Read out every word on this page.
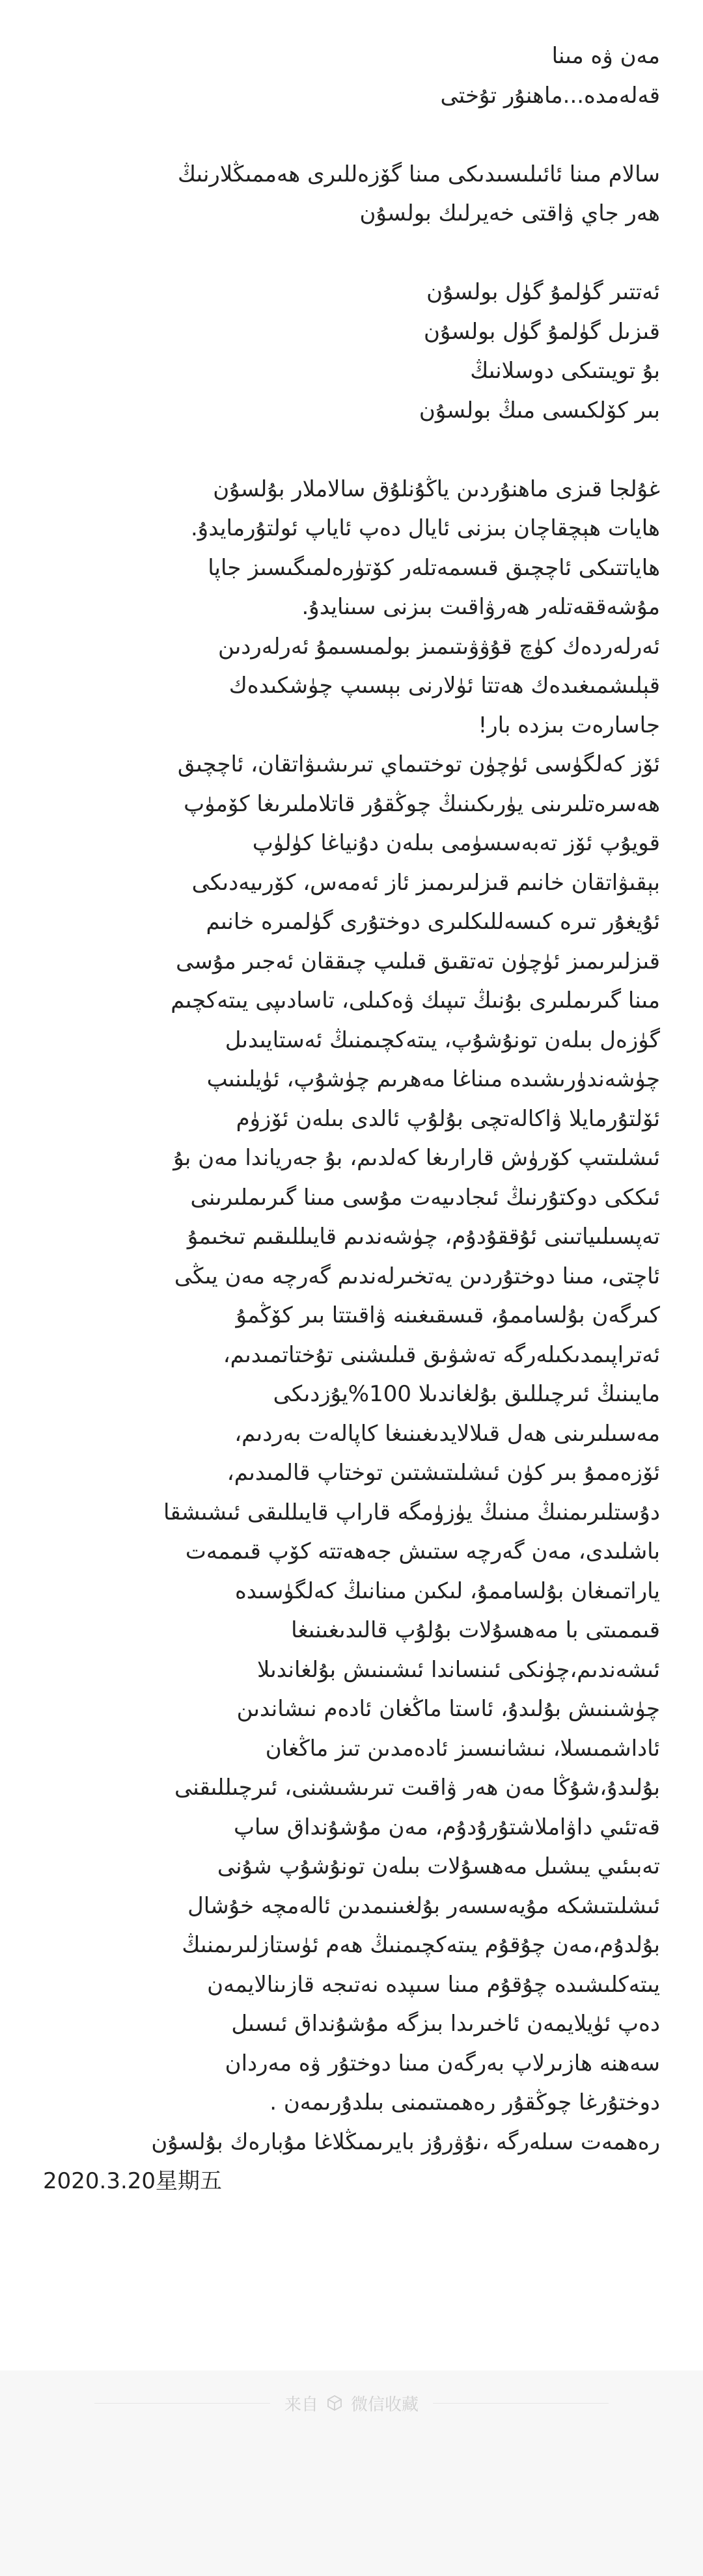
مەن ۋە مىنا
قەلەمدە...ماھنۇر تۇختى
سالام مىنا ئائىلىسىدىكى مىنا گۆزەللىرى ھەممىڭلارنىڭ
ھەر جاي ۋاقتى خەيرلىك بولسۇن
ئەتتىر گۈلمۇ گۈل بولسۇن
قىزىل گۈلمۇ گۈل بولسۇن
بۇ تويىتىكى دوسلانىڭ
بىر كۆلكىسى مىڭ بولسۇن
غۇلجا قىزى ماھنۇردىن ياڭۇنلۇق سالاملار بۇلسۇن
ھايات ھېچقاچان بىزنى ئايال دەپ ئاياپ ئولتۇرمايدۇ.
ھاياتتىكى ئاچچىق قىسمەتلەر كۆتۈرەلمىگىسىز جاپا
مۇشەققەتلەر ھەرۋاقىت بىزنى سىنايدۇ.
ئەرلەردەك كۈچ قۇۋۋىتىمىز بولمىسىمۇ ئەرلەردىن
قېلىشمىغىدەك ھەتتا ئۈلارنى بېسىپ چۈشكىدەك
جاسارەت بىزدە بار!
ئۆز كەلگۈسى ئۈچۈن توختىماي تىرىشىۋاتقان، ئاچچىق
ھەسرەتلىرىنى يۈرىكىنىڭ چوڭقۇر قاتلاملىرىغا كۆمۈپ
قويۇپ ئۆز تەبەسسۈمى بىلەن دۇنياغا كۈلۈپ
بېقىۋاتقان خانىم قىزلىرىمىز ئاز ئەمەس، كۆرىيەدىكى
ئۇيغۇر تىرە كىسەللىكلىرى دوختۇرى گۈلمىرە خانىم
قىزلىرىمىز ئۈچۈن تەتقىق قىلىپ چىققان ئەجىر مۇسى
مىنا گىرىملىرى بۇنىڭ تىپىك ۋەكىلى، تاسادىپى يىتەكچىم
گۈزەل بىلەن تونۇشۇپ، يىتەكچىمنىڭ ئەستايىدىل
چۈشەندۈرىشىدە مىناغا مەھرىم چۈشۇپ، ئۈيلىنىپ
ئۆلتۇرمايلا ۋاكالەتچى بۇلۇپ ئالدى بىلەن ئۆزۈم
ئىشلىتىپ كۆرۈش قارارىغا كەلدىم، بۇ جەرياندا مەن بۇ
ئىككى دوكتۇرنىڭ ئىجادىيەت مۇسى مىنا گىرىملىرىنى
تەپسىلىياتىنى ئۇققۇدۇم، چۈشەندىم قايىللىقىم تىخىمۇ
ئاچتى، مىنا دوختۇردىن يەتخىرلەندىم گەرچە مەن يىڭى
كىرگەن بۇلساممۇ، قىسقىغىنە ۋاقىتتا بىر كۆڭمۇ
ئەتراپىمدىكىلەرگە تەشۋىق قىلىشنى تۇختاتمىدىم،
مايىنىڭ ئىرچىللىق بۇلغاندىلا 100%يۇزدىكى
مەسىلىرىنى ھەل قىلالايدىغىنىغا كاپالەت بەردىم،
ئۆزەممۇ بىر كۈن ئىشلىتىشتىن توختاپ قالمىدىم،
دۇستلىرىمنىڭ مىنىڭ يۈزۈمگە قاراپ قايىللىقى ئىشىشقا
باشلىدى، مەن گەرچە ستىش جەھەتتە كۆپ قىممەت
ياراتمىغان بۇلساممۇ، لىكىن مىنانىڭ كەلگۈسىدە
قىممىتى با مەھسۇلات بۇلۇپ قالىدىغىنىغا
ئىشەندىم،چۈنكى ئىنساندا ئىشىنىش بۇلغاندىلا
چۈشىنىش بۇلىدۇ، ئاستا ماڭغان ئادەم نىشاندىن
ئاداشمىسلا، نىشانىسىز ئادەمدىن تىز ماڭغان
بۇلىدۇ،شۇڭا مەن ھەر ۋاقىت تىرىشىشنى، ئىرچىللىقنى
قەتئىي داۋاملاشتۇرۇدۇم، مەن مۇشۇنداق ساپ
تەبىئىي يىشىل مەھسۇلات بىلەن تونۇشۇپ شۇنى
ئىشلىتىشكە مۇيەسسەر بۇلغىنىمدىن ئالەمچە خۇشال
بۇلدۇم،مەن چۇقۇم يىتەكچىمنىڭ ھەم ئۈستازلىرىمنىڭ
يىتەكلىشىدە چۇقۇم مىنا سىپدە نەتىجە قازىنالايمەن
دەپ ئۈيلايمەن ئاخىرىدا بىزگە مۇشۇنداق ئىسىل
سەھنە ھازىرلاپ بەرگەن مىنا دوختۇر ۋە مەردان
دوختۇرغا چوڭقۇر رەھمىتىمنى بىلدۇرىمەن .
رەھمەت سىلەرگە ،نۇۋرۇز بايرىمىڭلاغا مۇبارەك بۇلسۇن
2020.3.20星期五
来自 微信收藏
